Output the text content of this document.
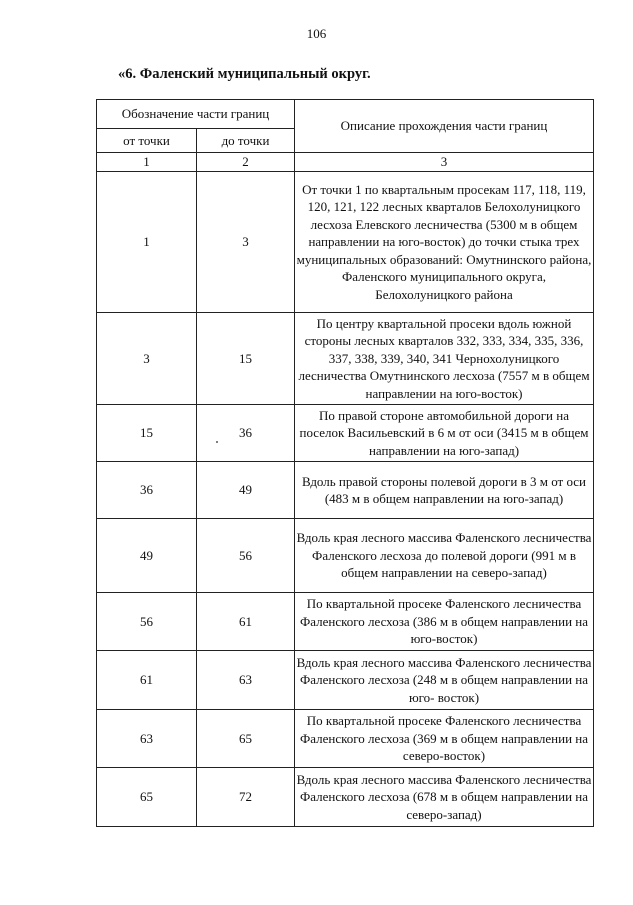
106
«6. Фаленский муниципальный округ.
Обозначение части границ		Описание прохождения части границ
от точки	до точки	
1	2	3
1	3	От точки 1 по квартальным просекам 117, 118, 119, 120, 121, 122 лесных кварталов Белохолуницкого лесхоза Елевского лесничества (5300 м в общем направлении на юго-восток) до точки стыка трех муниципальных образований: Омутнинского района, Фаленского муниципального округа, Белохолуницкого района
3	15	По центру квартальной просеки вдоль южной стороны лесных кварталов 332, 333, 334, 335, 336, 337, 338, 339, 340, 341 Чернохолуницкого лесничества Омутнинского лесхоза (7557 м в общем направлении на юго-восток)
15	36	По правой стороне автомобильной дороги на поселок Васильевский в 6 м от оси (3415 м в общем направлении на юго-запад)
36	49	Вдоль правой стороны полевой дороги в 3 м от оси (483 м в общем направлении на юго-запад)
49	56	Вдоль края лесного массива Фаленского лесничества Фаленского лесхоза до полевой дороги (991 м в общем направлении на северо-запад)
56	61	По квартальной просеке Фаленского лесничества Фаленского лесхоза (386 м в общем направлении на юго-восток)
61	63	Вдоль края лесного массива Фаленского лесничества Фаленского лесхоза (248 м в общем направлении на юго- восток)
63	65	По квартальной просеке Фаленского лесничества Фаленского лесхоза (369 м в общем направлении на северо-восток)
65	72	Вдоль края лесного массива Фаленского лесничества Фаленского лесхоза (678 м в общем направлении на северо-запад)
